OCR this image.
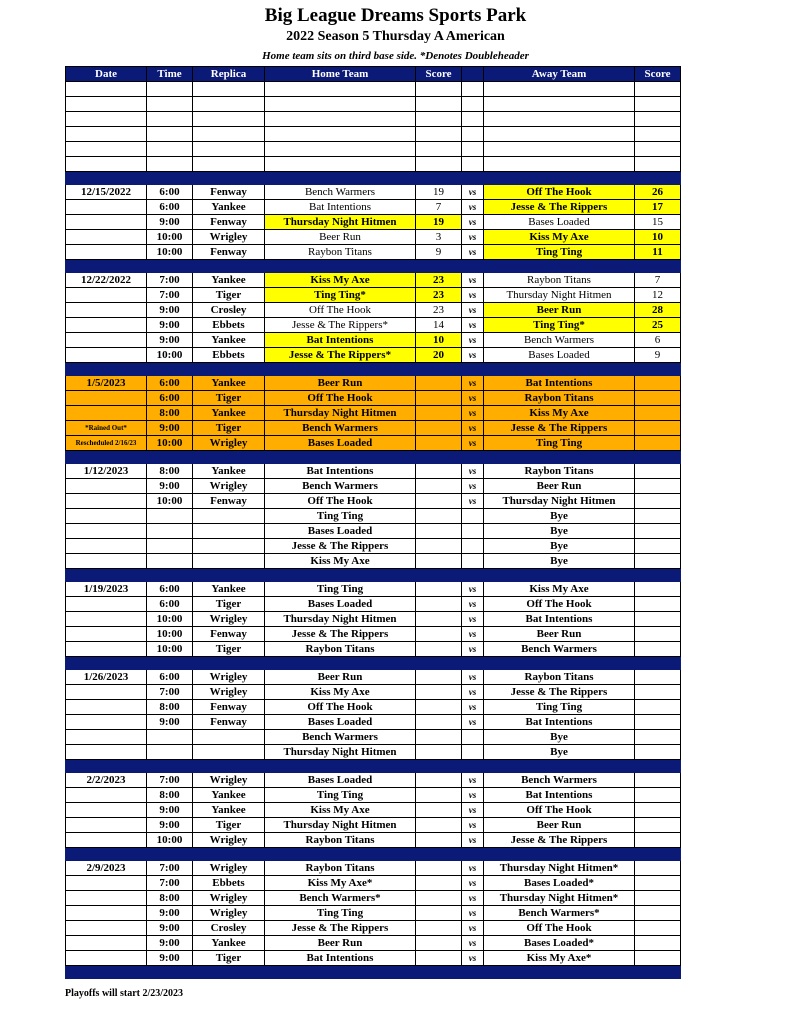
Big League Dreams Sports Park
2022 Season 5 Thursday A American
Home team sits on third base side. *Denotes Doubleheader
Date	Time	Replica	Home Team	Score		Away Team	Score

12/15/2022	6:00	Fenway	Bench Warmers	19	vs	Off The Hook	26
	6:00	Yankee	Bat Intentions	7	vs	Jesse & The Rippers	17
	9:00	Fenway	Thursday Night Hitmen	19	vs	Bases Loaded	15
	10:00	Wrigley	Beer Run	3	vs	Kiss My Axe	10
	10:00	Fenway	Raybon Titans	9	vs	Ting Ting	11

12/22/2022	7:00	Yankee	Kiss My Axe	23	vs	Raybon Titans	7
	7:00	Tiger	Ting Ting*	23	vs	Thursday Night Hitmen	12
	9:00	Crosley	Off The Hook	23	vs	Beer Run	28
	9:00	Ebbets	Jesse & The Rippers*	14	vs	Ting Ting*	25
	9:00	Yankee	Bat Intentions	10	vs	Bench Warmers	6
	10:00	Ebbets	Jesse & The Rippers*	20	vs	Bases Loaded	9

1/5/2023	6:00	Yankee	Beer Run		vs	Bat Intentions	
	6:00	Tiger	Off The Hook		vs	Raybon Titans	
	8:00	Yankee	Thursday Night Hitmen		vs	Kiss My Axe	
*Rained Out*	9:00	Tiger	Bench Warmers		vs	Jesse & The Rippers	
Rescheduled 2/16/23	10:00	Wrigley	Bases Loaded		vs	Ting Ting	

1/12/2023	8:00	Yankee	Bat Intentions		vs	Raybon Titans	
	9:00	Wrigley	Bench Warmers		vs	Beer Run	
	10:00	Fenway	Off The Hook		vs	Thursday Night Hitmen	
			Ting Ting			Bye	
			Bases Loaded			Bye	
			Jesse & The Rippers			Bye	
			Kiss My Axe			Bye	

1/19/2023	6:00	Yankee	Ting Ting		vs	Kiss My Axe	
	6:00	Tiger	Bases Loaded		vs	Off The Hook	
	10:00	Wrigley	Thursday Night Hitmen		vs	Bat Intentions	
	10:00	Fenway	Jesse & The Rippers		vs	Beer Run	
	10:00	Tiger	Raybon Titans		vs	Bench Warmers	

1/26/2023	6:00	Wrigley	Beer Run		vs	Raybon Titans	
	7:00	Wrigley	Kiss My Axe		vs	Jesse & The Rippers	
	8:00	Fenway	Off The Hook		vs	Ting Ting	
	9:00	Fenway	Bases Loaded		vs	Bat Intentions	
			Bench Warmers			Bye	
			Thursday Night Hitmen			Bye	

2/2/2023	7:00	Wrigley	Bases Loaded		vs	Bench Warmers	
	8:00	Yankee	Ting Ting		vs	Bat Intentions	
	9:00	Yankee	Kiss My Axe		vs	Off The Hook	
	9:00	Tiger	Thursday Night Hitmen		vs	Beer Run	
	10:00	Wrigley	Raybon Titans		vs	Jesse & The Rippers	

2/9/2023	7:00	Wrigley	Raybon Titans		vs	Thursday Night Hitmen*	
	7:00	Ebbets	Kiss My Axe*		vs	Bases Loaded*	
	8:00	Wrigley	Bench Warmers*		vs	Thursday Night Hitmen*	
	9:00	Wrigley	Ting Ting		vs	Bench Warmers*	
	9:00	Crosley	Jesse & The Rippers		vs	Off The Hook	
	9:00	Yankee	Beer Run		vs	Bases Loaded*	
	9:00	Tiger	Bat Intentions		vs	Kiss My Axe*	

Playoffs will start 2/23/2023
